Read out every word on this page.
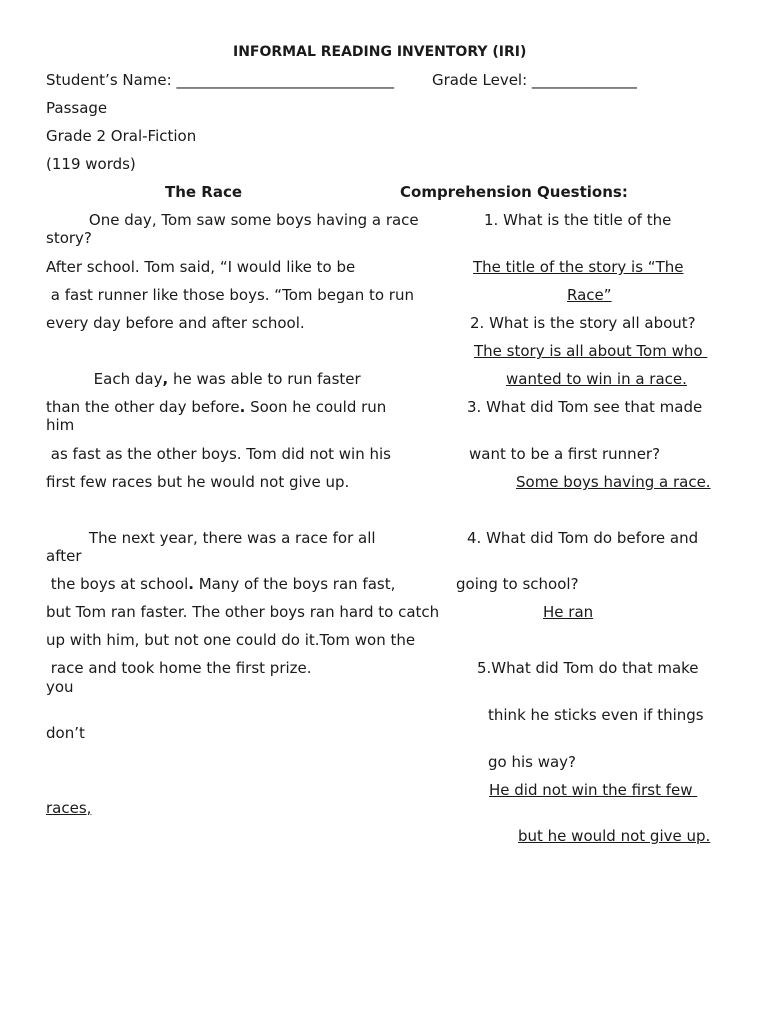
INFORMAL READING INVENTORY (IRI)
Student’s Name: _____________________________	Grade Level: ______________
Passage
Grade 2 Oral-Fiction
(119 words)
The Race	Comprehension Questions:
One day, Tom saw some boys having a race
story?
After school. Tom said, “I would like to be
a fast runner like those boys. “Tom began to run
every day before and after school.
Each day, he was able to run faster
than the other day before. Soon he could run
him
as fast as the other boys. Tom did not win his
first few races but he would not give up.
The next year, there was a race for all
after
the boys at school. Many of the boys ran fast,
but Tom ran faster. The other boys ran hard to catch
up with him, but not one could do it.Tom won the
race and took home the first prize.
you
don’t
1. What is the title of the
The title of the story is “The
Race”
2. What is the story all about?
The story is all about Tom who
wanted to win in a race.
3. What did Tom see that made
want to be a first runner?
Some boys having a race.
4. What did Tom do before and
going to school?
He ran
5.What did Tom do that make
think he sticks even if things
go his way?
He did not win the first few
races,
but he would not give up.
